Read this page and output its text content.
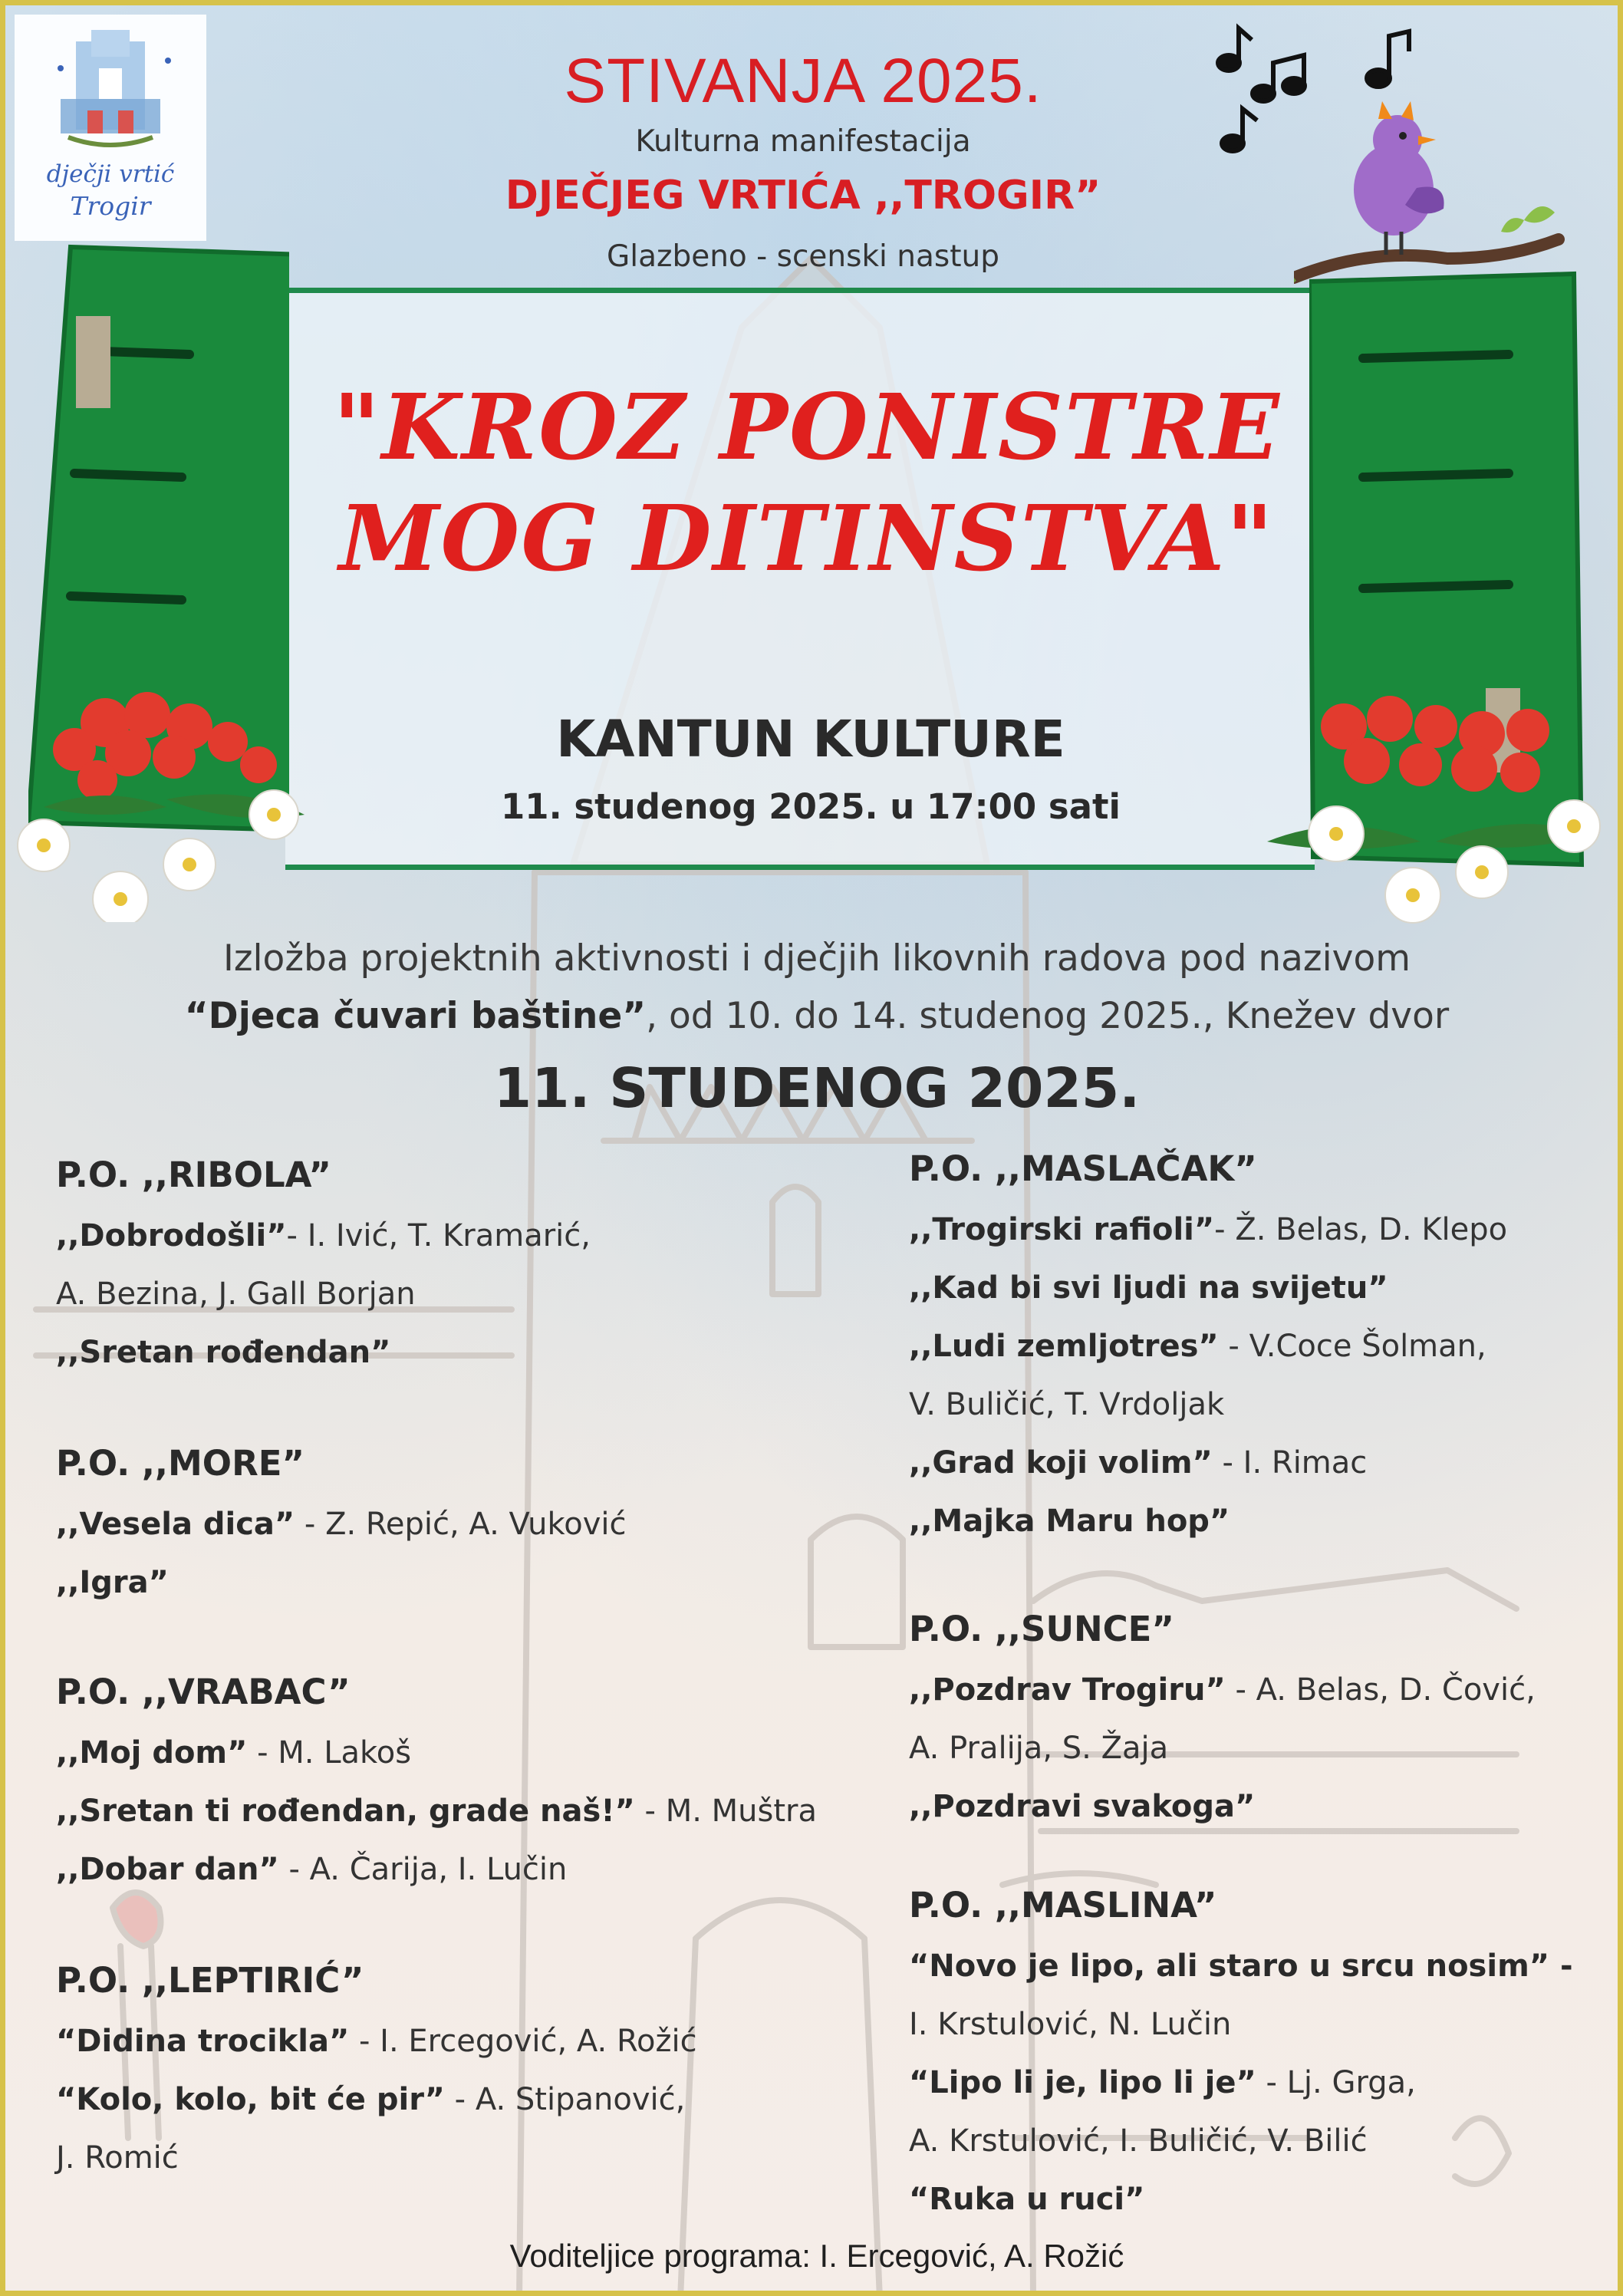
dječji vrtić
Trogir
STIVANJA 2025.
Kulturna manifestacija
DJEČJEG VRTIĆA ,,TROGIR”
Glazbeno - scenski nastup
"KROZ PONISTRE
MOG DITINSTVA"
KANTUN KULTURE
11. studenog 2025. u 17:00 sati
Izložba projektnih aktivnosti i dječjih likovnih radova pod nazivom
“Djeca čuvari baštine”, od 10. do 14. studenog 2025., Knežev dvor
11. STUDENOG 2025.
P.O. ,,RIBOLA”
,,Dobrodošli”- I. Ivić, T. Kramarić,
A. Bezina, J. Gall Borjan
,,Sretan rođendan”
P.O. ,,MORE”
,,Vesela dica” - Z. Repić, A. Vuković
,,Igra”
P.O. ,,VRABAC”
,,Moj dom” - M. Lakoš
,,Sretan ti rođendan, grade naš!” - M. Muštra
,,Dobar dan” - A. Čarija, I. Lučin
P.O. ,,LEPTIRIĆ”
“Didina trocikla” - I. Ercegović, A. Rožić
“Kolo, kolo, bit će pir” - A. Stipanović,
J. Romić
P.O. ,,MASLAČAK”
,,Trogirski rafioli”- Ž. Belas, D. Klepo
,,Kad bi svi ljudi na svijetu”
,,Ludi zemljotres” - V.Coce Šolman,
V. Buličić, T. Vrdoljak
,,Grad koji volim” - I. Rimac
,,Majka Maru hop”
P.O. ,,SUNCE”
,,Pozdrav Trogiru” - A. Belas, D. Čović,
A. Pralija, S. Žaja
,,Pozdravi svakoga”
P.O. ,,MASLINA”
“Novo je lipo, ali staro u srcu nosim” -
I. Krstulović, N. Lučin
“Lipo li je, lipo li je” - Lj. Grga,
A. Krstulović, I. Buličić, V. Bilić
“Ruka u ruci”
Voditeljice programa: I. Ercegović, A. Rožić
